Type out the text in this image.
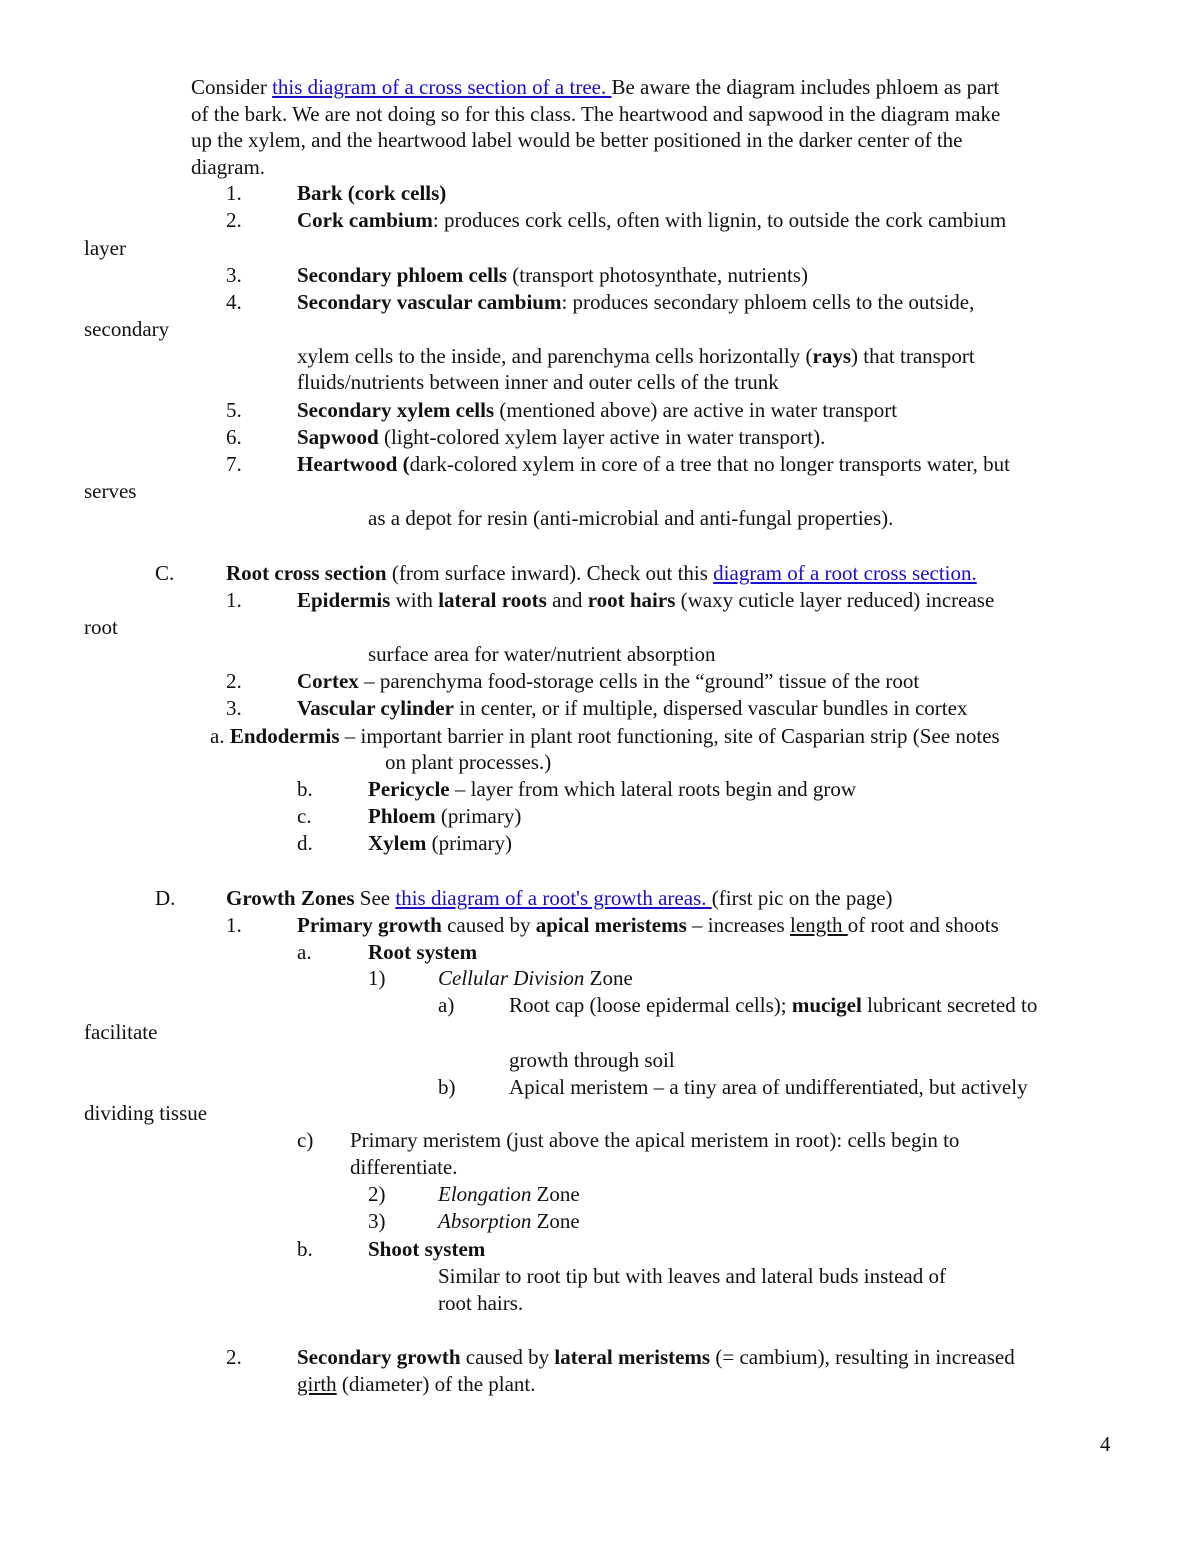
Consider this diagram of a cross section of a tree. Be aware the diagram includes phloem as part
of the bark. We are not doing so for this class. The heartwood and sapwood in the diagram make
up the xylem, and the heartwood label would be better positioned in the darker center of the
diagram.
1.	Bark (cork cells)
2.	Cork cambium: produces cork cells, often with lignin, to outside the cork cambium
layer
3.	Secondary phloem cells (transport photosynthate, nutrients)
4.	Secondary vascular cambium: produces secondary phloem cells to the outside,
secondary
xylem cells to the inside, and parenchyma cells horizontally (rays) that transport
fluids/nutrients between inner and outer cells of the trunk
5.	Secondary xylem cells (mentioned above) are active in water transport
6.	Sapwood (light-colored xylem layer active in water transport).
7.	Heartwood (dark-colored xylem in core of a tree that no longer transports water, but
serves
as a depot for resin (anti-microbial and anti-fungal properties).
C. Root cross section (from surface inward). Check out this diagram of a root cross section.
1.	Epidermis with lateral roots and root hairs (waxy cuticle layer reduced) increase
root
surface area for water/nutrient absorption
2.	Cortex – parenchyma food-storage cells in the “ground” tissue of the root
3.	Vascular cylinder in center, or if multiple, dispersed vascular bundles in cortex
a. Endodermis – important barrier in plant root functioning, site of Casparian strip (See notes
on plant processes.)
b.	Pericycle – layer from which lateral roots begin and grow
c.	Phloem (primary)
d.	Xylem (primary)
D. Growth Zones See this diagram of a root's growth areas. (first pic on the page)
1.	Primary growth caused by apical meristems – increases length of root and shoots
a.	Root system
1)	Cellular Division Zone
a)	Root cap (loose epidermal cells); mucigel lubricant secreted to
facilitate
growth through soil
b)	Apical meristem – a tiny area of undifferentiated, but actively
dividing tissue
c) Primary meristem (just above the apical meristem in root): cells begin to
differentiate.
2)	Elongation Zone
3)	Absorption Zone
b.	Shoot system
Similar to root tip but with leaves and lateral buds instead of
root hairs.
2.	Secondary growth caused by lateral meristems (= cambium), resulting in increased
girth (diameter) of the plant.
4
